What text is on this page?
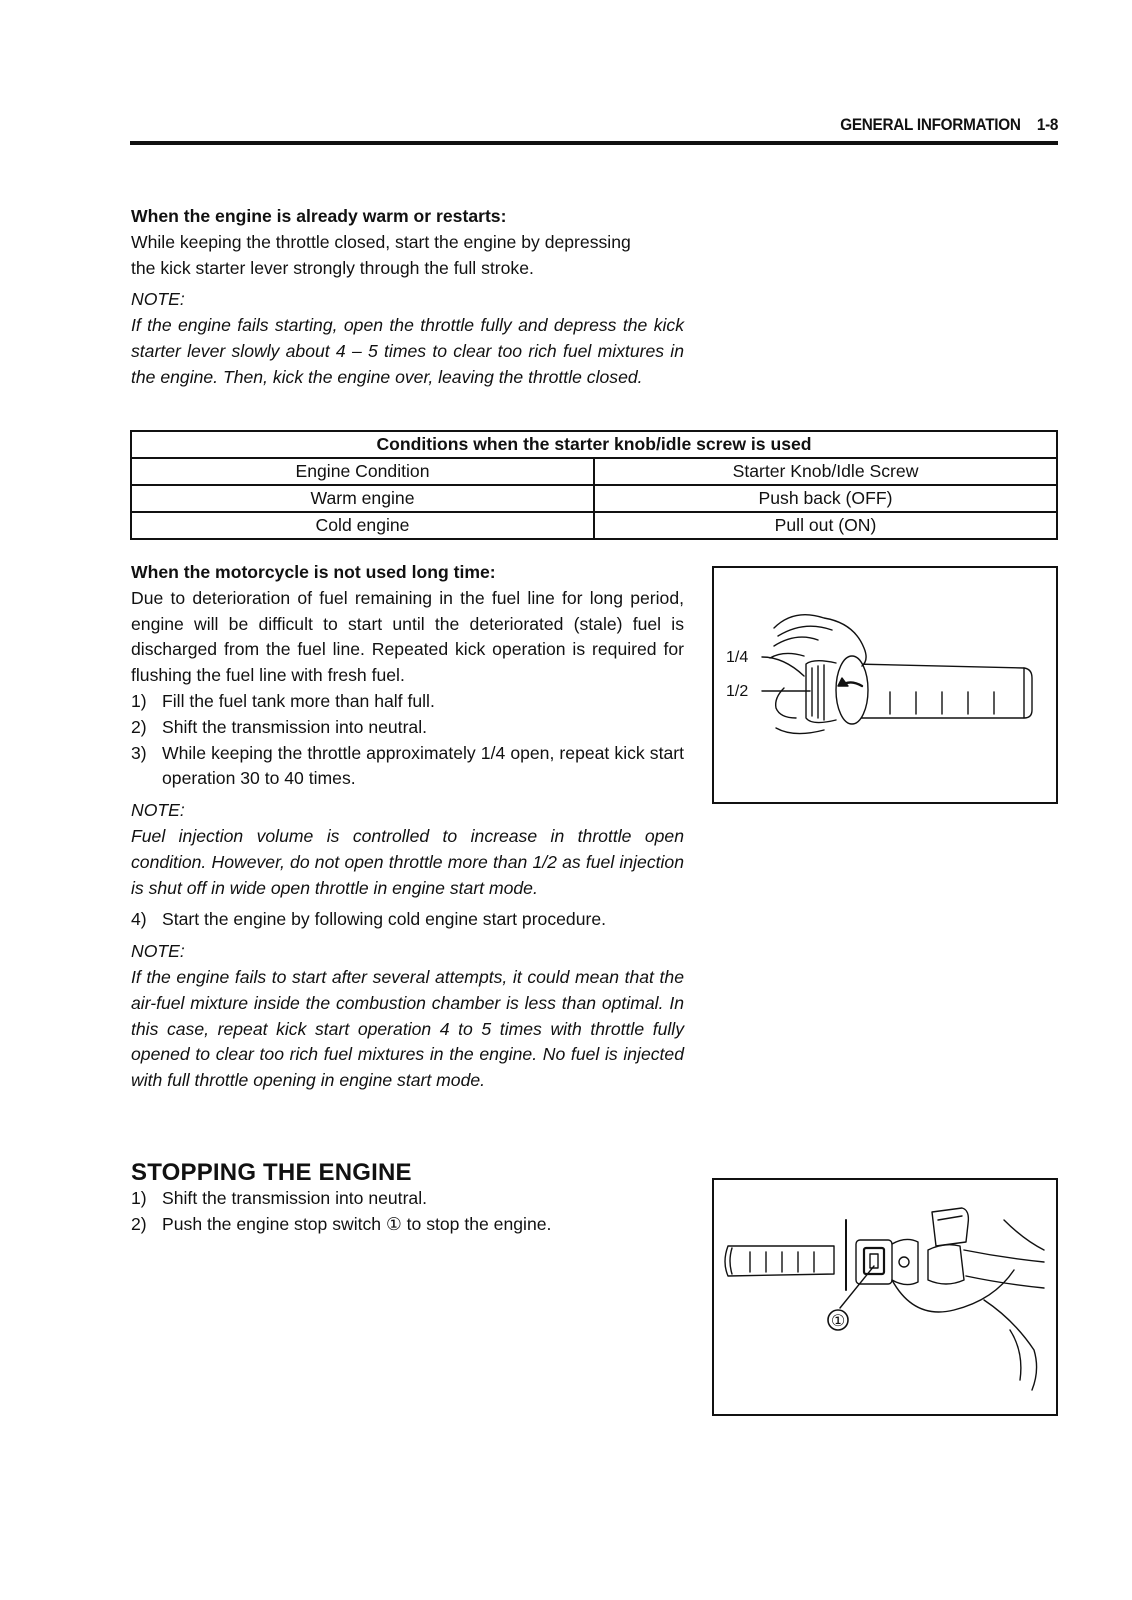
GENERAL INFORMATION 1-8

When the engine is already warm or restarts:

While keeping the throttle closed, start the engine by depressing

the kick starter lever strongly through the full stroke.

NOTE:

If the engine fails starting, open the throttle fully and depress the kick starter lever slowly about 4 – 5 times to clear too rich fuel mixtures in the engine. Then, kick the engine over, leaving the throttle closed.

Conditions when the starter knob/idle screw is used	
Engine Condition	Starter Knob/Idle Screw
Warm engine	Push back (OFF)
Cold engine	Pull out (ON)

When the motorcycle is not used long time:

Due to deterioration of fuel remaining in the fuel line for long period, engine will be difficult to start until the deteriorated (stale) fuel is discharged from the fuel line. Repeated kick operation is required for flushing the fuel line with fresh fuel.

1) Fill the fuel tank more than half full.
2) Shift the transmission into neutral.
3) While keeping the throttle approximately 1/4 open, repeat kick start operation 30 to 40 times.

NOTE:

Fuel injection volume is controlled to increase in throttle open condition. However, do not open throttle more than 1/2 as fuel injection is shut off in wide open throttle in engine start mode.

4) Start the engine by following cold engine start procedure.

NOTE:

If the engine fails to start after several attempts, it could mean that the air-fuel mixture inside the combustion chamber is less than optimal. In this case, repeat kick start operation 4 to 5 times with throttle fully opened to clear too rich fuel mixtures in the engine. No fuel is injected with full throttle opening in engine start mode.

1/4
1/2

STOPPING THE ENGINE

1) Shift the transmission into neutral.
2) Push the engine stop switch ① to stop the engine.
①
